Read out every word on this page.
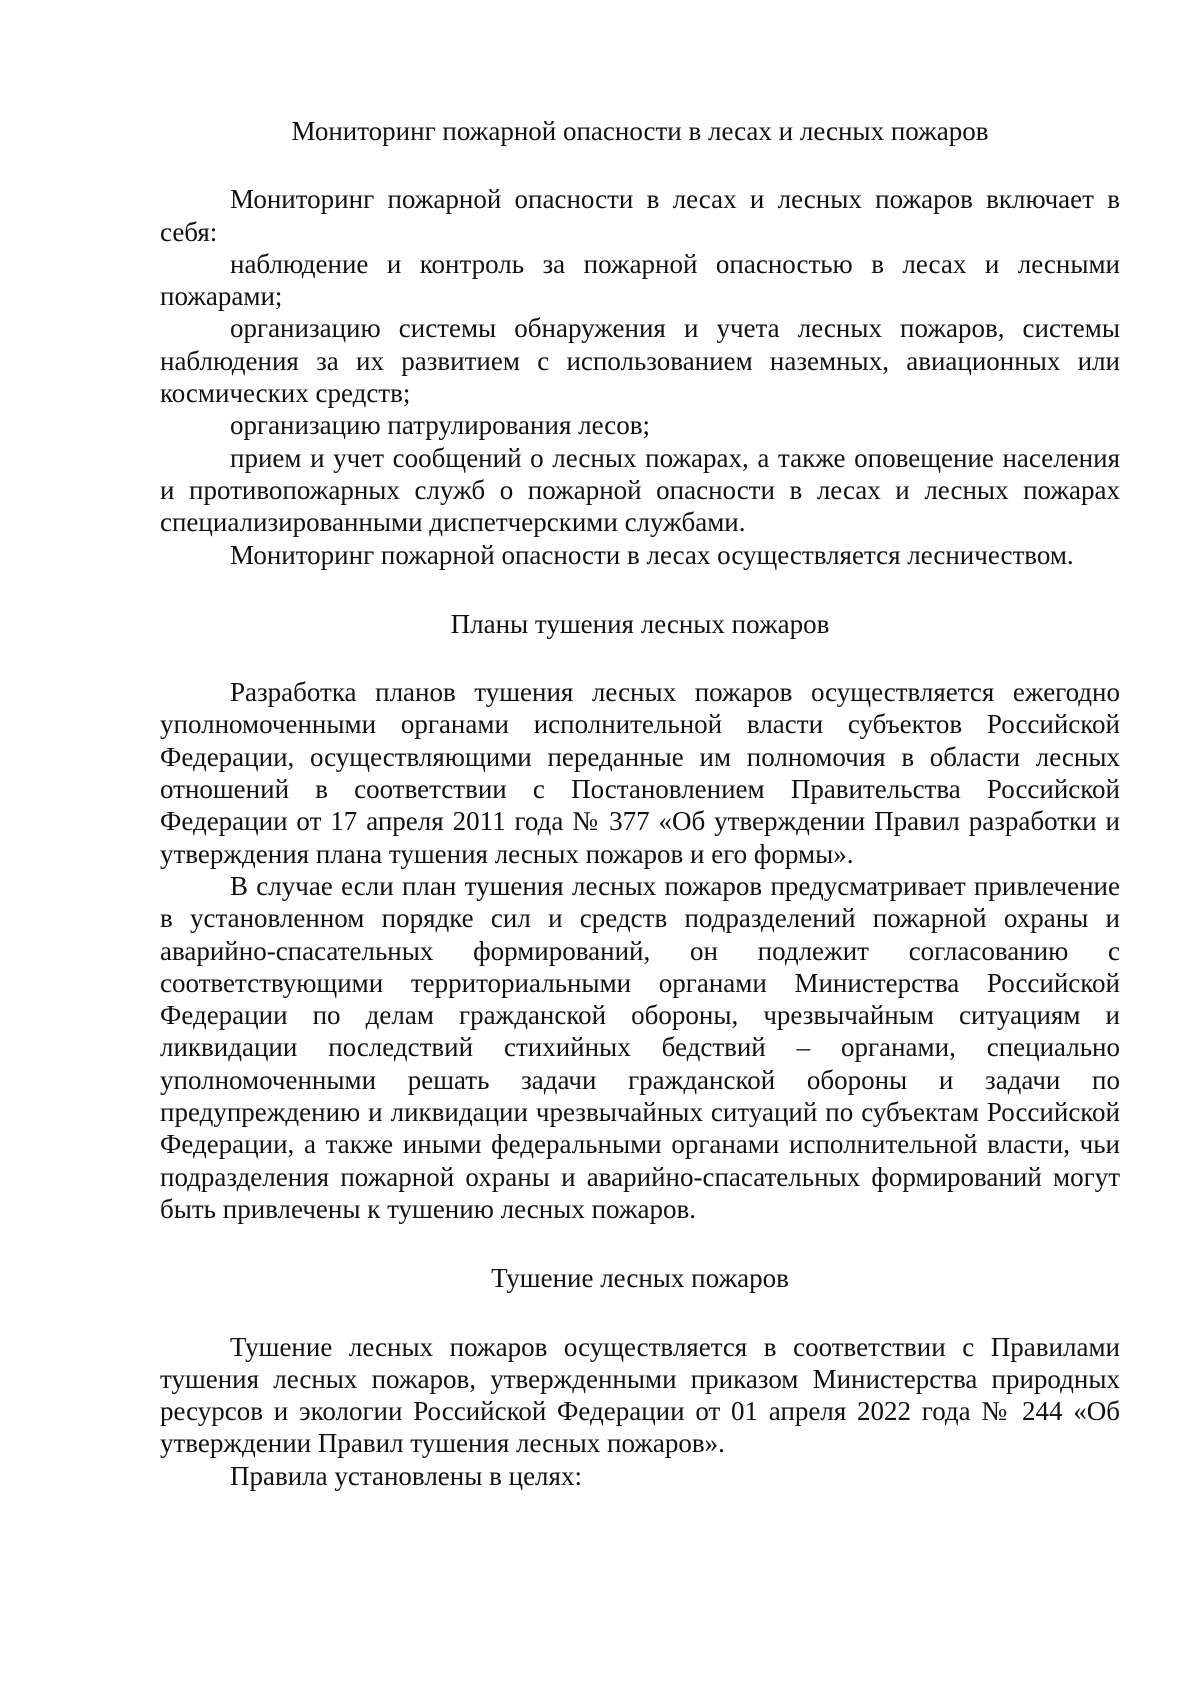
Мониторинг пожарной опасности в лесах и лесных пожаров

Мониторинг пожарной опасности в лесах и лесных пожаров включает в себя:

наблюдение и контроль за пожарной опасностью в лесах и лесными пожарами;

организацию системы обнаружения и учета лесных пожаров, системы наблюдения за их развитием с использованием наземных, авиационных или космических средств;

организацию патрулирования лесов;

прием и учет сообщений о лесных пожарах, а также оповещение населения и противопожарных служб о пожарной опасности в лесах и лесных пожарах специализированными диспетчерскими службами.

Мониторинг пожарной опасности в лесах осуществляется лесничеством.

Планы тушения лесных пожаров

Разработка планов тушения лесных пожаров осуществляется ежегодно уполномоченными органами исполнительной власти субъектов Российской Федерации, осуществляющими переданные им полномочия в области лесных отношений в соответствии с Постановлением Правительства Российской Федерации от 17 апреля 2011 года № 377 «Об утверждении Правил разработки и утверждения плана тушения лесных пожаров и его формы».

В случае если план тушения лесных пожаров предусматривает привлечение в установленном порядке сил и средств подразделений пожарной охраны и аварийно-спасательных формирований, он подлежит согласованию с соответствующими территориальными органами Министерства Российской Федерации по делам гражданской обороны, чрезвычайным ситуациям и ликвидации последствий стихийных бедствий – органами, специально уполномоченными решать задачи гражданской обороны и задачи по предупреждению и ликвидации чрезвычайных ситуаций по субъектам Российской Федерации, а также иными федеральными органами исполнительной власти, чьи подразделения пожарной охраны и аварийно-спасательных формирований могут быть привлечены к тушению лесных пожаров.

Тушение лесных пожаров

Тушение лесных пожаров осуществляется в соответствии с Правилами тушения лесных пожаров, утвержденными приказом Министерства природных ресурсов и экологии Российской Федерации от 01 апреля 2022 года № 244 «Об утверждении Правил тушения лесных пожаров».

Правила установлены в целях:
